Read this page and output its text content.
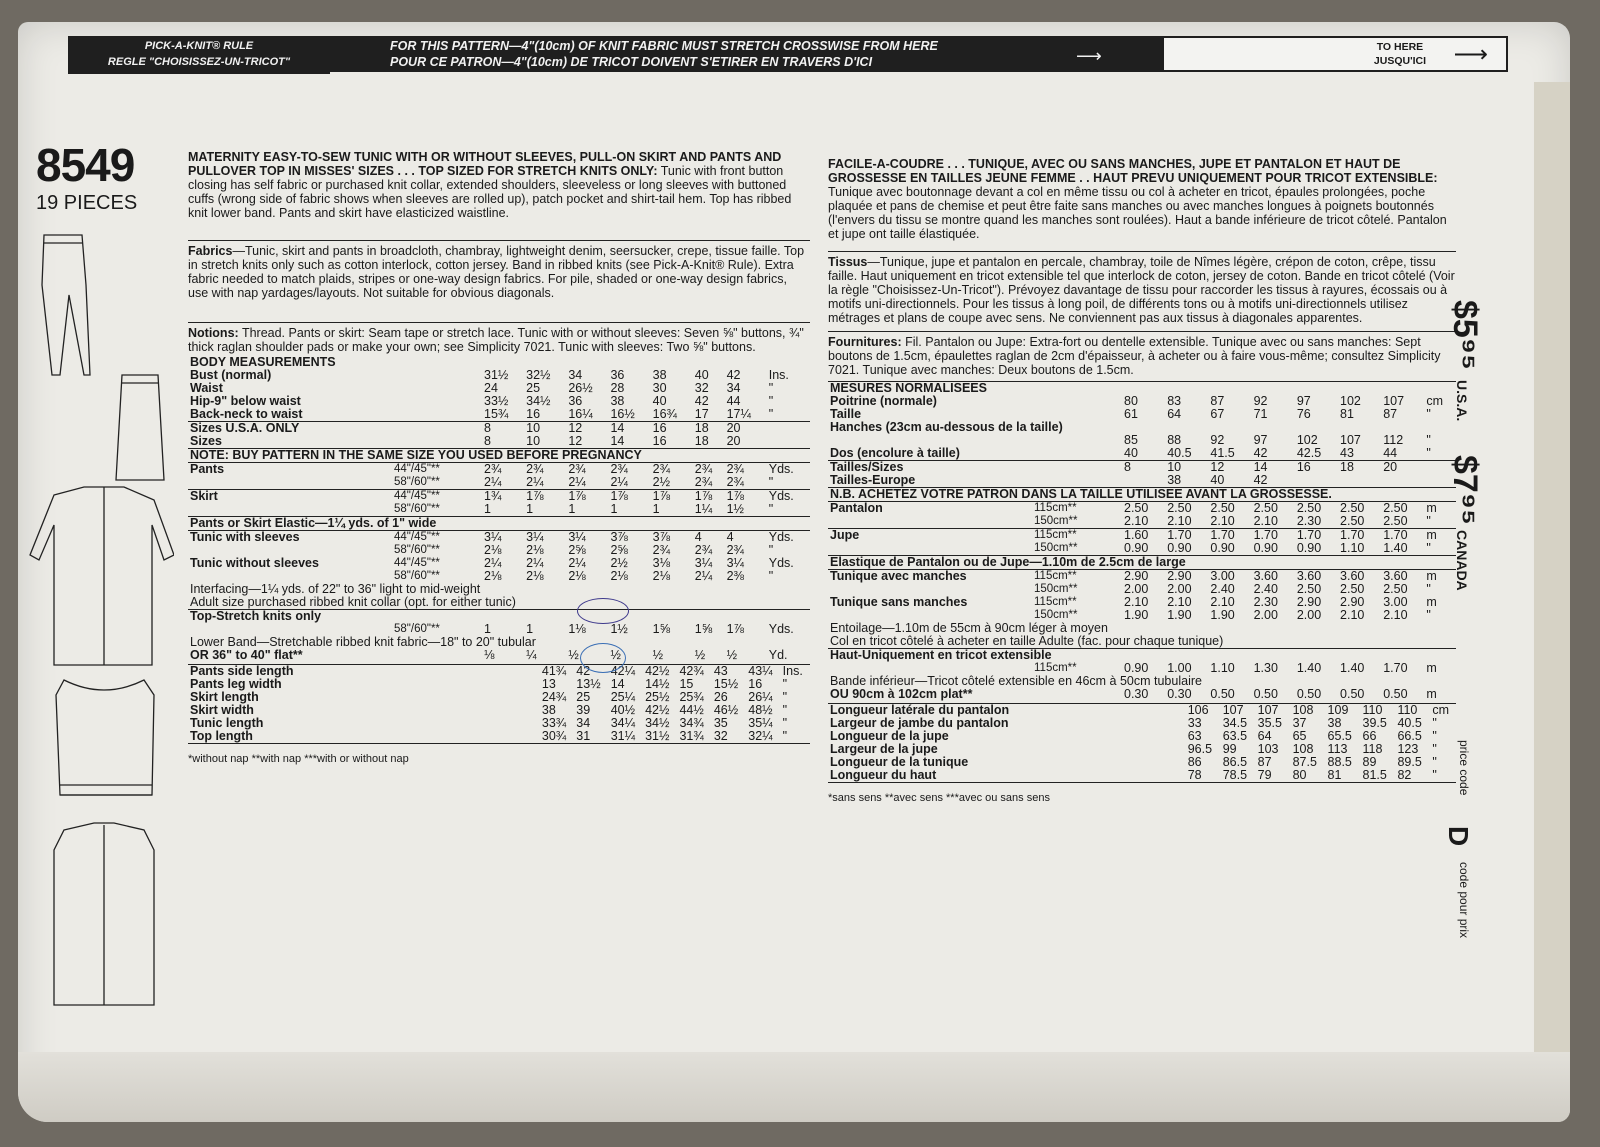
PICK-A-KNIT® RULE
REGLE "CHOISISSEZ-UN-TRICOT"
FOR THIS PATTERN—4"(10cm) OF KNIT FABRIC MUST STRETCH CROSSWISE FROM HERE
POUR CE PATRON—4"(10cm) DE TRICOT DOIVENT S'ETIRER EN TRAVERS D'ICI	⟶	TO HERE
JUSQU'ICI ⟶
8549
19 PIECES
MATERNITY EASY-TO-SEW TUNIC WITH OR WITHOUT SLEEVES, PULL-ON SKIRT AND PANTS AND PULLOVER TOP IN MISSES' SIZES . . . TOP SIZED FOR STRETCH KNITS ONLY: Tunic with front button closing has self fabric or purchased knit collar, extended shoulders, sleeveless or long sleeves with buttoned cuffs (wrong side of fabric shows when sleeves are rolled up), patch pocket and shirt-tail hem. Top has ribbed knit lower band. Pants and skirt have elasticized waistline.
Fabrics—Tunic, skirt and pants in broadcloth, chambray, lightweight denim, seersucker, crepe, tissue faille. Top in stretch knits only such as cotton interlock, cotton jersey. Band in ribbed knits (see Pick-A-Knit® Rule). Extra fabric needed to match plaids, stripes or one-way design fabrics. For pile, shaded or one-way design fabrics, use with nap yardages/layouts. Not suitable for obvious diagonals.
Notions: Thread. Pants or skirt: Seam tape or stretch lace. Tunic with or without sleeves: Seven ⅝" buttons, ¾" thick raglan shoulder pads or make your own; see Simplicity 7021. Tunic with sleeves: Two ⅝" buttons.
BODY MEASUREMENTS									
Bust (normal)		31½	32½	34	36	38	40	42	Ins.
Waist		24	25	26½	28	30	32	34	"
Hip-9" below waist		33½	34½	36	38	40	42	44	"
Back-neck to waist		15¾	16	16¼	16½	16¾	17	17¼	"
Sizes U.S.A. ONLY		8	10	12	14	16	18	20	
Sizes		8	10	12	14	16	18	20	
NOTE: BUY PATTERN IN THE SAME SIZE YOU USED BEFORE PREGNANCY									
Pants	44"/45"**	2¾	2¾	2¾	2¾	2¾	2¾	2¾	Yds.
	58"/60"**	2¼	2¼	2¼	2¼	2½	2¾	2¾	"
Skirt	44"/45"**	1¾	1⅞	1⅞	1⅞	1⅞	1⅞	1⅞	Yds.
	58"/60"**	1	1	1	1	1	1¼	1½	"
Pants or Skirt Elastic—1¼ yds. of 1" wide									
Tunic with sleeves	44"/45"**	3¼	3¼	3¼	3⅞	3⅞	4	4	Yds.
	58"/60"**	2⅛	2⅛	2⅝	2⅝	2¾	2¾	2¾	"
Tunic without sleeves	44"/45"**	2¼	2¼	2¼	2½	3⅛	3¼	3¼	Yds.
	58"/60"**	2⅛	2⅛	2⅛	2⅛	2⅛	2¼	2⅜	"
Interfacing—1¼ yds. of 22" to 36" light to mid-weight									
Adult size purchased ribbed knit collar (opt. for either tunic)									
Top-Stretch knits only									
	58"/60"**	1	1	1⅛	1½	1⅝	1⅝	1⅞	Yds.
Lower Band—Stretchable ribbed knit fabric—18" to 20" tubular									
OR 36" to 40" flat**		⅛	¼	½	½	½	½	½	Yd.
Pants side length	41¾	42	42¼	42½	42¾	43	43¼	Ins.
Pants leg width	13	13½	14	14½	15	15½	16	"
Skirt length	24¾	25	25¼	25½	25¾	26	26¼	"
Skirt width	38	39	40½	42½	44½	46½	48½	"
Tunic length	33¾	34	34¼	34½	34¾	35	35¼	"
Top length	30¾	31	31¼	31½	31¾	32	32¼	"
*without nap **with nap ***with or without nap
FACILE-A-COUDRE . . . TUNIQUE, AVEC OU SANS MANCHES, JUPE ET PANTALON ET HAUT DE GROSSESSE EN TAILLES JEUNE FEMME . . HAUT PREVU UNIQUEMENT POUR TRICOT EXTENSIBLE: Tunique avec boutonnage devant a col en même tissu ou col à acheter en tricot, épaules prolongées, poche plaquée et pans de chemise et peut être faite sans manches ou avec manches longues à poignets boutonnés (l'envers du tissu se montre quand les manches sont roulées). Haut a bande inférieure de tricot côtelé. Pantalon et jupe ont taille élastiquée.
Tissus—Tunique, jupe et pantalon en percale, chambray, toile de Nîmes légère, crépon de coton, crêpe, tissu faille. Haut uniquement en tricot extensible tel que interlock de coton, jersey de coton. Bande en tricot côtelé (Voir la règle "Choisissez-Un-Tricot"). Prévoyez davantage de tissu pour raccorder les tissus à rayures, écossais ou à motifs uni-directionnels. Pour les tissus à long poil, de différents tons ou à motifs uni-directionnels utilisez métrages et plans de coupe avec sens. Ne conviennent pas aux tissus à diagonales apparentes.
Fournitures: Fil. Pantalon ou Jupe: Extra-fort ou dentelle extensible. Tunique avec ou sans manches: Sept boutons de 1.5cm, épaulettes raglan de 2cm d'épaisseur, à acheter ou à faire vous-même; consultez Simplicity 7021. Tunique avec manches: Deux boutons de 1.5cm.
MESURES NORMALISEES									
Poitrine (normale)		80	83	87	92	97	102	107	cm
Taille		61	64	67	71	76	81	87	"
Hanches (23cm au-dessous de la taille)									
		85	88	92	97	102	107	112	"
Dos (encolure à taille)		40	40.5	41.5	42	42.5	43	44	"
Tailles/Sizes		8	10	12	14	16	18	20	
Tailles-Europe			38	40	42				
N.B. ACHETEZ VOTRE PATRON DANS LA TAILLE UTILISEE AVANT LA GROSSESSE.									
Pantalon	115cm**	2.50	2.50	2.50	2.50	2.50	2.50	2.50	m
	150cm**	2.10	2.10	2.10	2.10	2.30	2.50	2.50	"
Jupe	115cm**	1.60	1.70	1.70	1.70	1.70	1.70	1.70	m
	150cm**	0.90	0.90	0.90	0.90	0.90	1.10	1.40	"
Elastique de Pantalon ou de Jupe—1.10m de 2.5cm de large									
Tunique avec manches	115cm**	2.90	2.90	3.00	3.60	3.60	3.60	3.60	m
	150cm**	2.00	2.00	2.40	2.40	2.50	2.50	2.50	"
Tunique sans manches	115cm**	2.10	2.10	2.10	2.30	2.90	2.90	3.00	m
	150cm**	1.90	1.90	1.90	2.00	2.00	2.10	2.10	"
Entoilage—1.10m de 55cm à 90cm léger à moyen									
Col en tricot côtelé à acheter en taille Adulte (fac. pour chaque tunique)									
Haut-Uniquement en tricot extensible									
	115cm**	0.90	1.00	1.10	1.30	1.40	1.40	1.70	m
Bande inférieur—Tricot côtelé extensible en 46cm à 50cm tubulaire									
OU 90cm à 102cm plat**		0.30	0.30	0.50	0.50	0.50	0.50	0.50	m
Longueur latérale du pantalon	106	107	107	108	109	110	110	cm
Largeur de jambe du pantalon	33	34.5	35.5	37	38	39.5	40.5	"
Longueur de la jupe	63	63.5	64	65	65.5	66	66.5	"
Largeur de la jupe	96.5	99	103	108	113	118	123	"
Longueur de la tunique	86	86.5	87	87.5	88.5	89	89.5	"
Longueur du haut	78	78.5	79	80	81	81.5	82	"
*sans sens **avec sens ***avec ou sans sens
$5⁹⁵
U.S.A.
$7⁹⁵
CANADA
price code
D
code pour prix
